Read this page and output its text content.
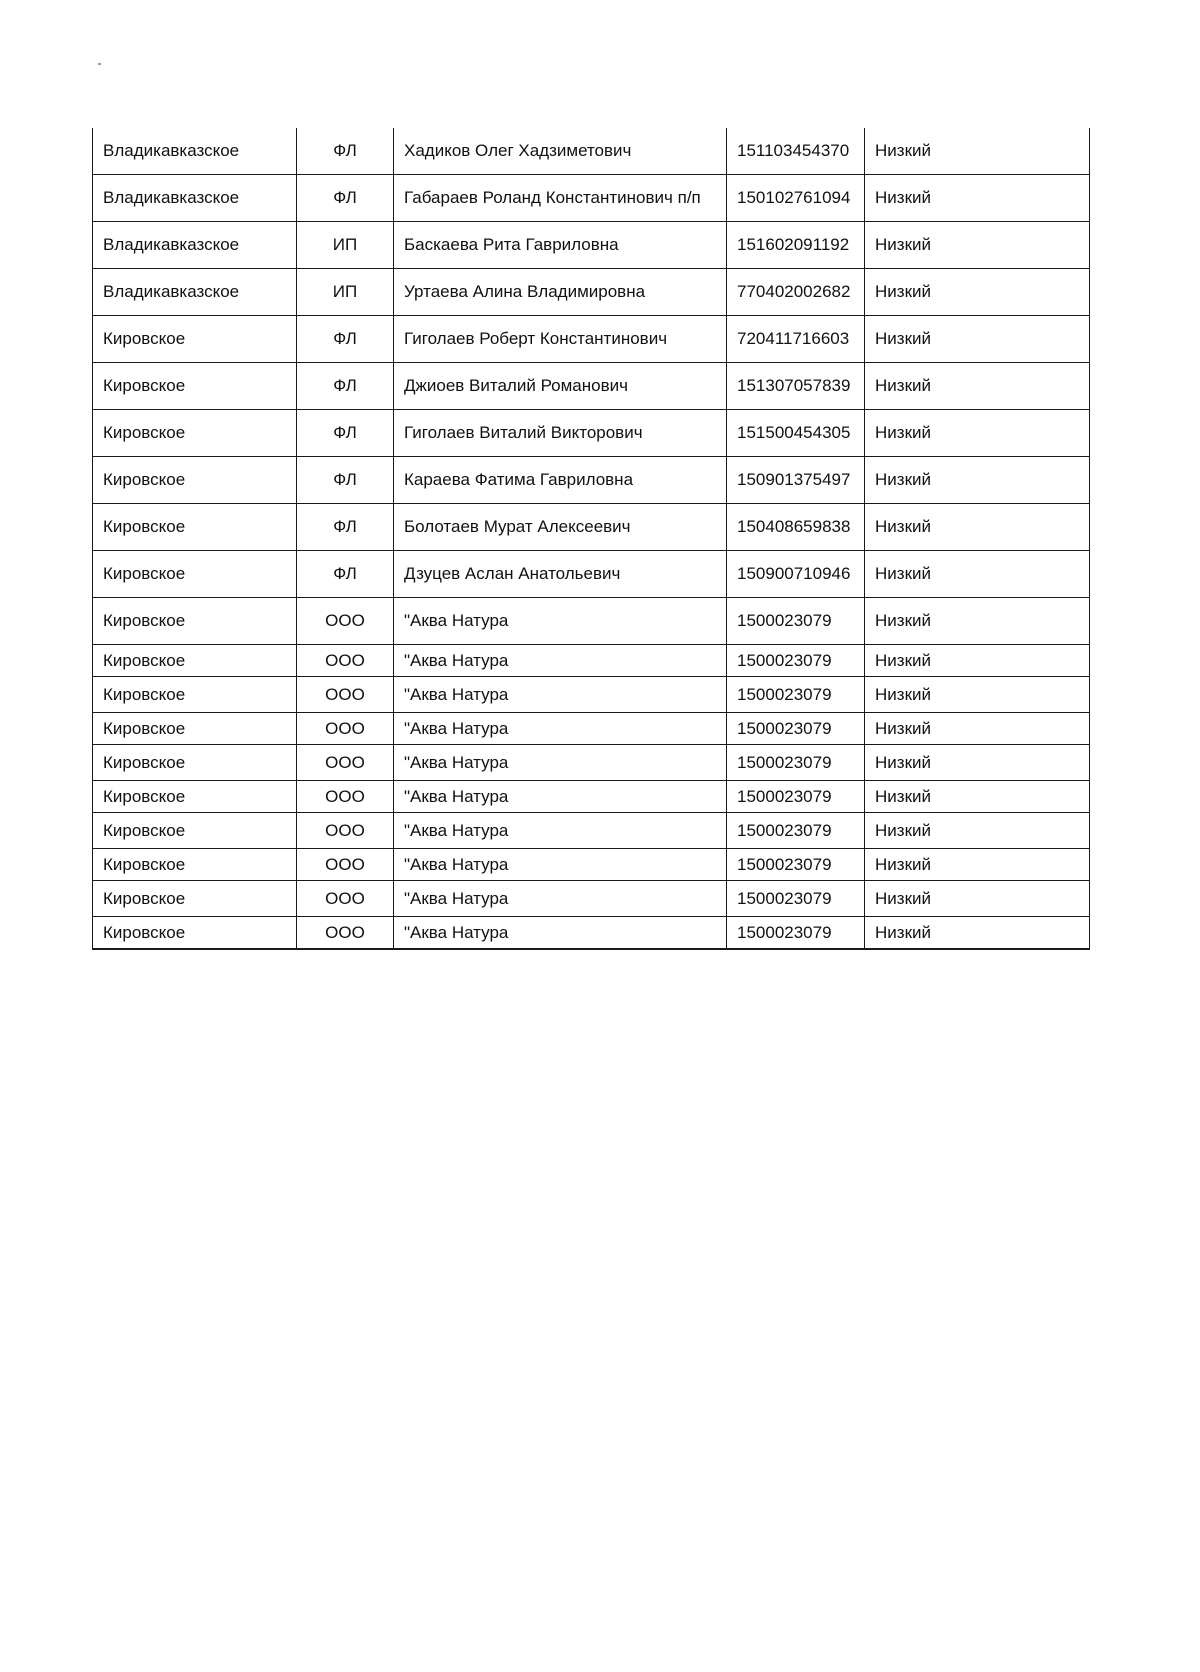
Владикавказское	ФЛ	Хадиков Олег Хадзиметович	151103454370	Низкий
Владикавказское	ФЛ	Габараев Роланд Константинович п/п	150102761094	Низкий
Владикавказское	ИП	Баскаева Рита Гавриловна	151602091192	Низкий
Владикавказское	ИП	Уртаева Алина Владимировна	770402002682	Низкий
Кировское	ФЛ	Гиголаев Роберт Константинович	720411716603	Низкий
Кировское	ФЛ	Джиоев Виталий Романович	151307057839	Низкий
Кировское	ФЛ	Гиголаев Виталий Викторович	151500454305	Низкий
Кировское	ФЛ	Караева Фатима Гавриловна	150901375497	Низкий
Кировское	ФЛ	Болотаев Мурат Алексеевич	150408659838	Низкий
Кировское	ФЛ	Дзуцев Аслан Анатольевич	150900710946	Низкий
Кировское	ООО	"Аква Натура	1500023079	Низкий
Кировское	ООО	"Аква Натура	1500023079	Низкий
Кировское	ООО	"Аква Натура	1500023079	Низкий
Кировское	ООО	"Аква Натура	1500023079	Низкий
Кировское	ООО	"Аква Натура	1500023079	Низкий
Кировское	ООО	"Аква Натура	1500023079	Низкий
Кировское	ООО	"Аква Натура	1500023079	Низкий
Кировское	ООО	"Аква Натура	1500023079	Низкий
Кировское	ООО	"Аква Натура	1500023079	Низкий
Кировское	ООО	"Аква Натура	1500023079	Низкий
